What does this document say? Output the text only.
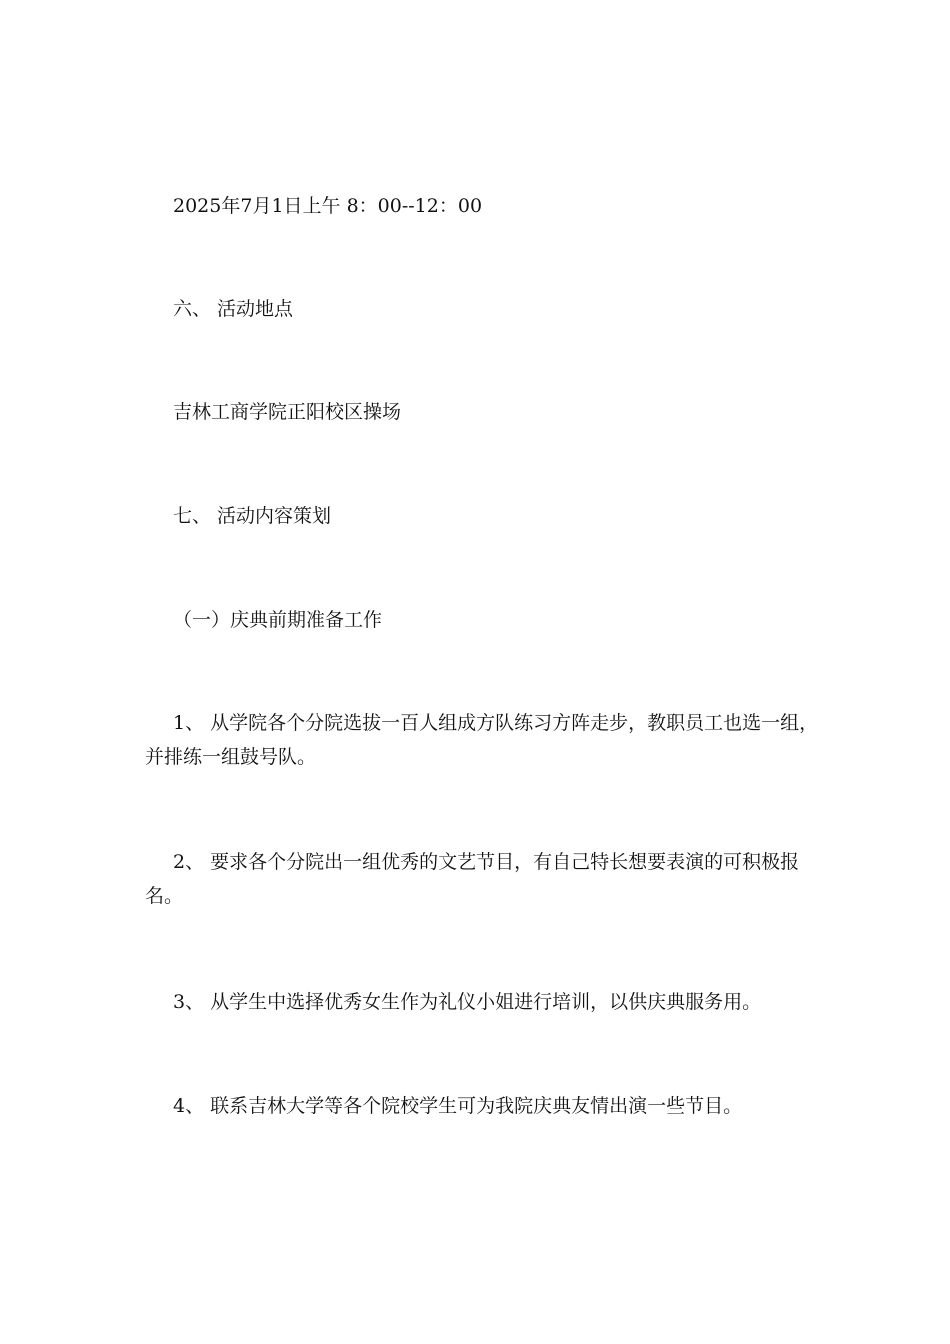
2025年7月1日上午 8：00--12：00

六、 活动地点

吉林工商学院正阳校区操场

七、 活动内容策划

（一）庆典前期准备工作

1、 从学院各个分院选拔一百人组成方队练习方阵走步，教职员工也选一组，并排练一组鼓号队。

2、 要求各个分院出一组优秀的文艺节目，有自己特长想要表演的可积极报名。

3、 从学生中选择优秀女生作为礼仪小姐进行培训，以供庆典服务用。

4、 联系吉林大学等各个院校学生可为我院庆典友情出演一些节目。
